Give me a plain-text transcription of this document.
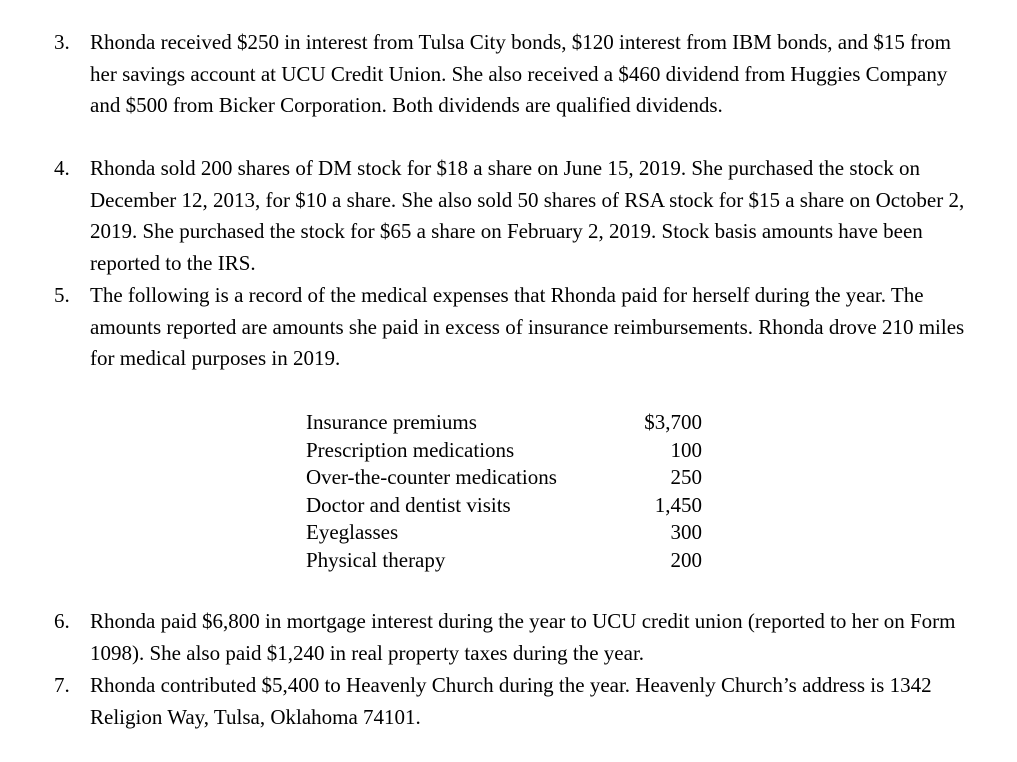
3. Rhonda received $250 in interest from Tulsa City bonds, $120 interest from IBM bonds, and $15 from her savings account at UCU Credit Union. She also received a $460 dividend from Huggies Company and $500 from Bicker Corporation. Both dividends are qualified dividends.
4. Rhonda sold 200 shares of DM stock for $18 a share on June 15, 2019. She purchased the stock on December 12, 2013, for $10 a share. She also sold 50 shares of RSA stock for $15 a share on October 2, 2019. She purchased the stock for $65 a share on February 2, 2019. Stock basis amounts have been reported to the IRS.
5. The following is a record of the medical expenses that Rhonda paid for herself during the year. The amounts reported are amounts she paid in excess of insurance reimbursements. Rhonda drove 210 miles for medical purposes in 2019.
Insurance premiums	$3,700
Prescription medications	100
Over-the-counter medications	250
Doctor and dentist visits	1,450
Eyeglasses	300
Physical therapy	200
6. Rhonda paid $6,800 in mortgage interest during the year to UCU credit union (reported to her on Form 1098). She also paid $1,240 in real property taxes during the year.
7. Rhonda contributed $5,400 to Heavenly Church during the year. Heavenly Church’s address is 1342 Religion Way, Tulsa, Oklahoma 74101.
